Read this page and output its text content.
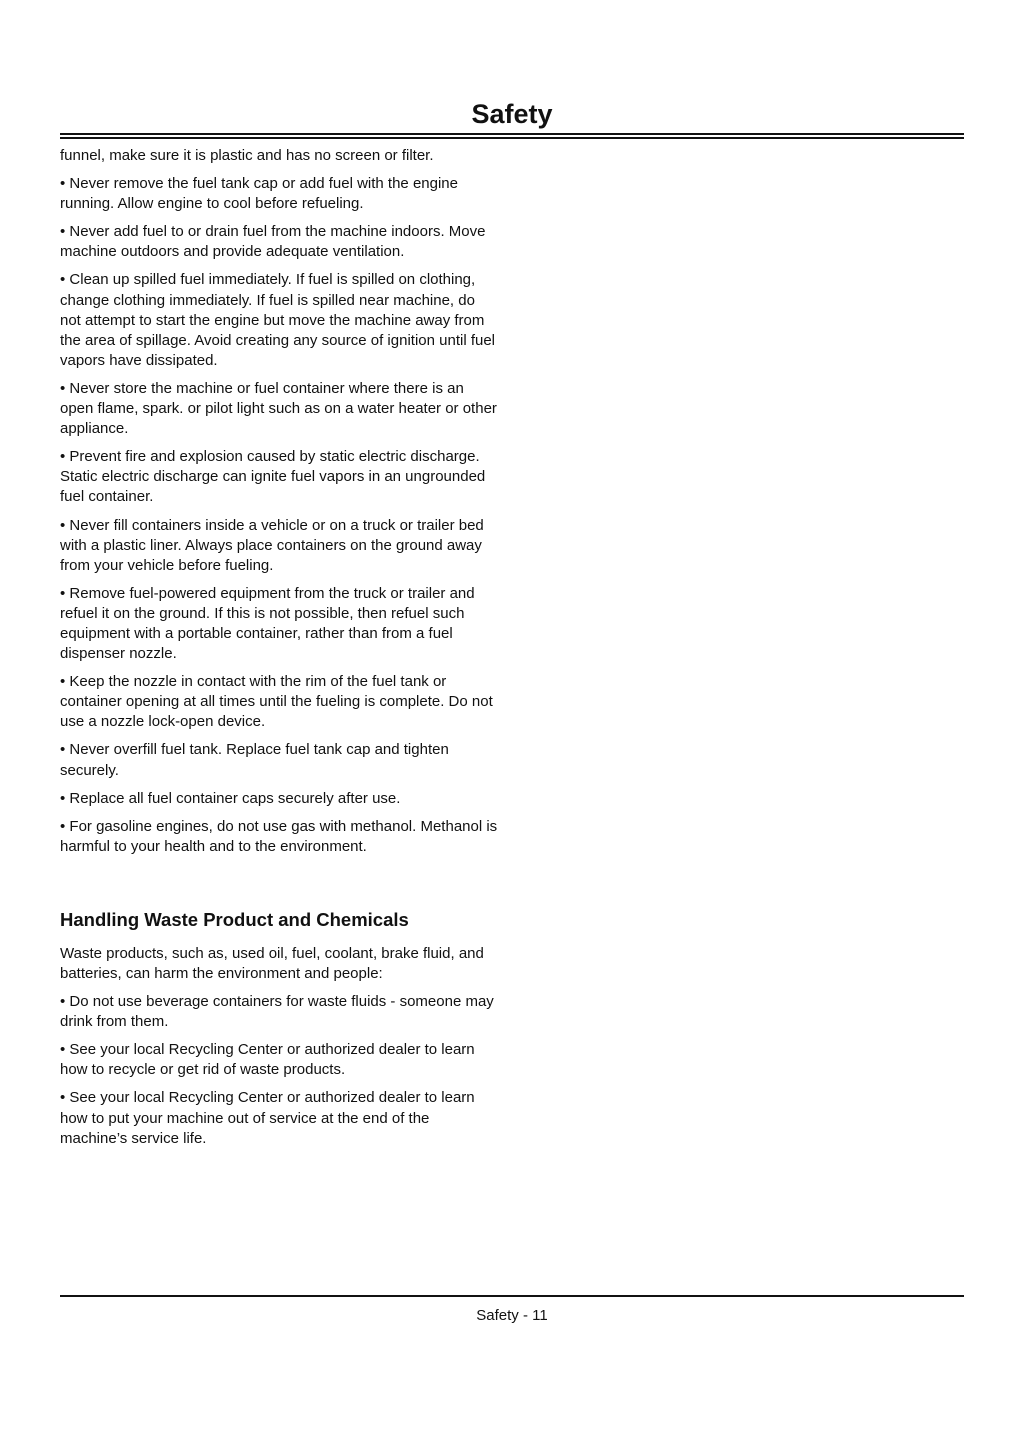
Safety

funnel, make sure it is plastic and has no screen or filter.

• Never remove the fuel tank cap or add fuel with the engine running. Allow engine to cool before refueling.

• Never add fuel to or drain fuel from the machine indoors. Move machine outdoors and provide adequate ventilation.

• Clean up spilled fuel immediately. If fuel is spilled on clothing, change clothing immediately. If fuel is spilled near machine, do not attempt to start the engine but move the machine away from the area of spillage. Avoid creating any source of ignition until fuel vapors have dissipated.

• Never store the machine or fuel container where there is an open flame, spark. or pilot light such as on a water heater or other appliance.

• Prevent fire and explosion caused by static electric discharge. Static electric discharge can ignite fuel vapors in an ungrounded fuel container.

• Never fill containers inside a vehicle or on a truck or trailer bed with a plastic liner. Always place containers on the ground away from your vehicle before fueling.

• Remove fuel-powered equipment from the truck or trailer and refuel it on the ground. If this is not possible, then refuel such equipment with a portable container, rather than from a fuel dispenser nozzle.

• Keep the nozzle in contact with the rim of the fuel tank or container opening at all times until the fueling is complete. Do not use a nozzle lock-open device.

• Never overfill fuel tank. Replace fuel tank cap and tighten securely.

• Replace all fuel container caps securely after use.

• For gasoline engines, do not use gas with methanol. Methanol is harmful to your health and to the environment.

Handling Waste Product and Chemicals

Waste products, such as, used oil, fuel, coolant, brake fluid, and batteries, can harm the environment and people:

• Do not use beverage containers for waste fluids - someone may drink from them.

• See your local Recycling Center or authorized dealer to learn how to recycle or get rid of waste products.

• See your local Recycling Center or authorized dealer to learn how to put your machine out of service at the end of the machine’s service life.

Safety - 11
